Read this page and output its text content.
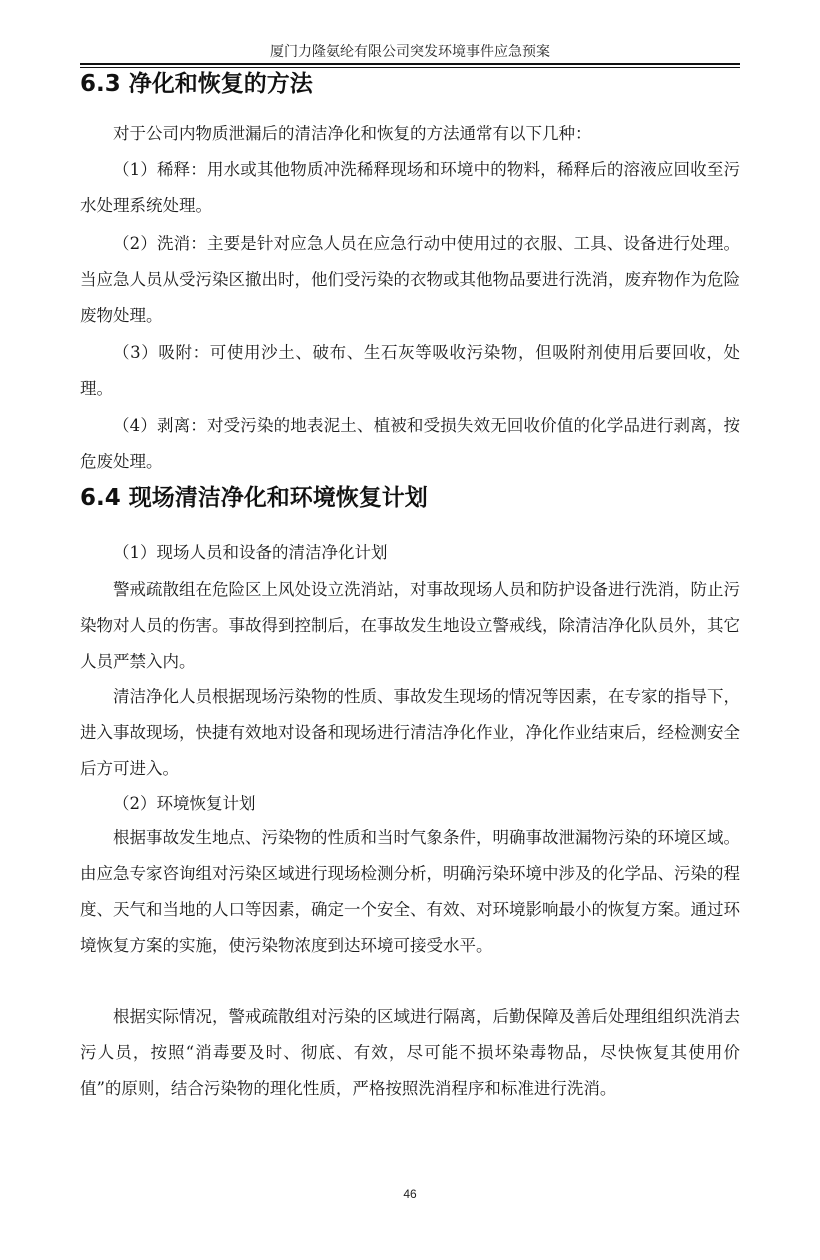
厦门力隆氨纶有限公司突发环境事件应急预案
6.3 净化和恢复的方法

对于公司内物质泄漏后的清洁净化和恢复的方法通常有以下几种：

（1）稀释：用水或其他物质冲洗稀释现场和环境中的物料，稀释后的溶液应回收至污水处理系统处理。

（2）洗消：主要是针对应急人员在应急行动中使用过的衣服、工具、设备进行处理。当应急人员从受污染区撤出时，他们受污染的衣物或其他物品要进行洗消，废弃物作为危险废物处理。

（3）吸附：可使用沙土、破布、生石灰等吸收污染物，但吸附剂使用后要回收，处理。

（4）剥离：对受污染的地表泥土、植被和受损失效无回收价值的化学品进行剥离，按危废处理。

6.4 现场清洁净化和环境恢复计划

（1）现场人员和设备的清洁净化计划

警戒疏散组在危险区上风处设立洗消站，对事故现场人员和防护设备进行洗消，防止污染物对人员的伤害。事故得到控制后，在事故发生地设立警戒线，除清洁净化队员外，其它人员严禁入内。

清洁净化人员根据现场污染物的性质、事故发生现场的情况等因素，在专家的指导下，进入事故现场，快捷有效地对设备和现场进行清洁净化作业，净化作业结束后，经检测安全后方可进入。

（2）环境恢复计划

根据事故发生地点、污染物的性质和当时气象条件，明确事故泄漏物污染的环境区域。由应急专家咨询组对污染区域进行现场检测分析，明确污染环境中涉及的化学品、污染的程度、天气和当地的人口等因素，确定一个安全、有效、对环境影响最小的恢复方案。通过环境恢复方案的实施，使污染物浓度到达环境可接受水平。

根据实际情况，警戒疏散组对污染的区域进行隔离，后勤保障及善后处理组组织洗消去污人员，按照“消毒要及时、彻底、有效，尽可能不损坏染毒物品，尽快恢复其使用价值”的原则，结合污染物的理化性质，严格按照洗消程序和标准进行洗消。

46
